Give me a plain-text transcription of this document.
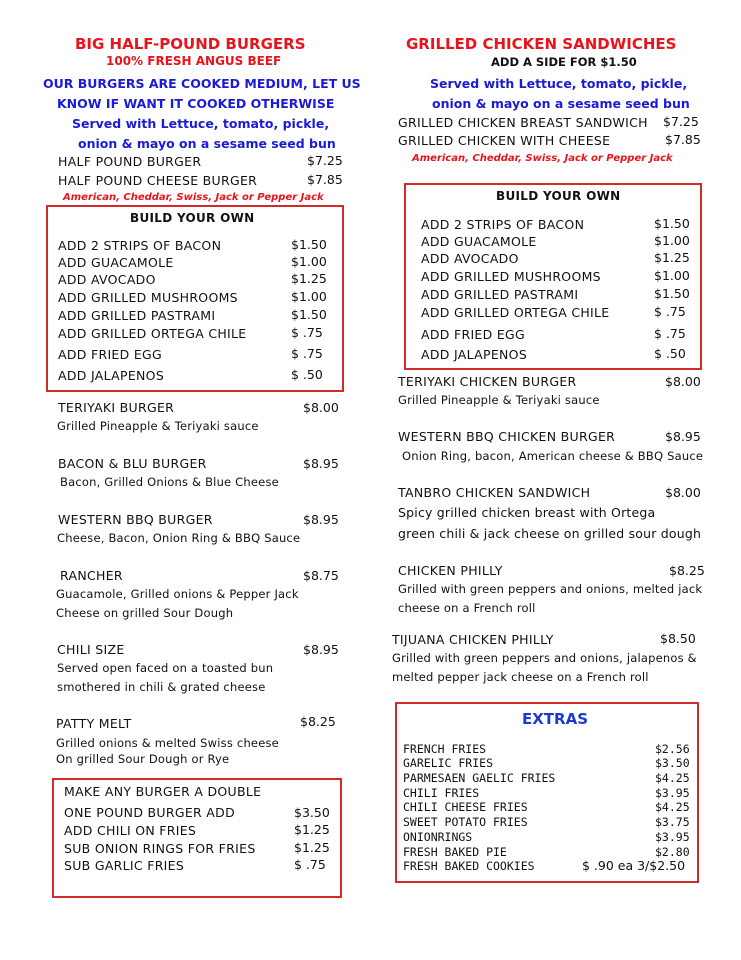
BIG HALF-POUND BURGERS
100% FRESH ANGUS BEEF
OUR BURGERS ARE COOKED MEDIUM, LET US
KNOW IF WANT IT COOKED OTHERWISE
Served with Lettuce, tomato, pickle,
onion & mayo on a sesame seed bun
HALF POUND BURGER	$7.25
HALF POUND CHEESE BURGER	$7.85
American, Cheddar, Swiss, Jack or Pepper Jack
BUILD YOUR OWN
ADD 2 STRIPS OF BACON	$1.50
ADD GUACAMOLE	$1.00
ADD AVOCADO	$1.25
ADD GRILLED MUSHROOMS	$1.00
ADD GRILLED PASTRAMI	$1.50
ADD GRILLED ORTEGA CHILE	$ .75
ADD FRIED EGG	$ .75
ADD JALAPENOS	$ .50
TERIYAKI BURGER	$8.00
Grilled Pineapple & Teriyaki sauce
BACON & BLU BURGER	$8.95
Bacon, Grilled Onions & Blue Cheese
WESTERN BBQ BURGER	$8.95
Cheese, Bacon, Onion Ring & BBQ Sauce
RANCHER	$8.75
Guacamole, Grilled onions & Pepper Jack
Cheese on grilled Sour Dough
CHILI SIZE	$8.95
Served open faced on a toasted bun
smothered in chili & grated cheese
PATTY MELT	$8.25
Grilled onions & melted Swiss cheese
On grilled Sour Dough or Rye
MAKE ANY BURGER A DOUBLE
ONE POUND BURGER ADD	$3.50
ADD CHILI ON FRIES	$1.25
SUB ONION RINGS FOR FRIES	$1.25
SUB GARLIC FRIES	$ .75
GRILLED CHICKEN SANDWICHES
ADD A SIDE FOR $1.50
Served with Lettuce, tomato, pickle,
onion & mayo on a sesame seed bun
GRILLED CHICKEN BREAST SANDWICH $7.25
GRILLED CHICKEN WITH CHEESE	$7.85
American, Cheddar, Swiss, Jack or Pepper Jack
BUILD YOUR OWN
ADD 2 STRIPS OF BACON	$1.50
ADD GUACAMOLE	$1.00
ADD AVOCADO	$1.25
ADD GRILLED MUSHROOMS	$1.00
ADD GRILLED PASTRAMI	$1.50
ADD GRILLED ORTEGA CHILE	$ .75
ADD FRIED EGG	$ .75
ADD JALAPENOS	$ .50
TERIYAKI CHICKEN BURGER	$8.00
Grilled Pineapple & Teriyaki sauce
WESTERN BBQ CHICKEN BURGER	$8.95
Onion Ring, bacon, American cheese & BBQ Sauce
TANBRO CHICKEN SANDWICH	$8.00
Spicy grilled chicken breast with Ortega
green chili & jack cheese on grilled sour dough
CHICKEN PHILLY	$8.25
Grilled with green peppers and onions, melted jack
cheese on a French roll
TIJUANA CHICKEN PHILLY	$8.50
Grilled with green peppers and onions, jalapenos &
melted pepper jack cheese on a French roll
EXTRAS
FRENCH FRIES	$2.56
GARELIC FRIES	$3.50
PARMESAEN GAELIC FRIES	$4.25
CHILI FRIES	$3.95
CHILI CHEESE FRIES	$4.25
SWEET POTATO FRIES	$3.75
ONIONRINGS	$3.95
FRESH BAKED PIE	$2.80
FRESH BAKED COOKIES	$ .90 ea 3/$2.50
